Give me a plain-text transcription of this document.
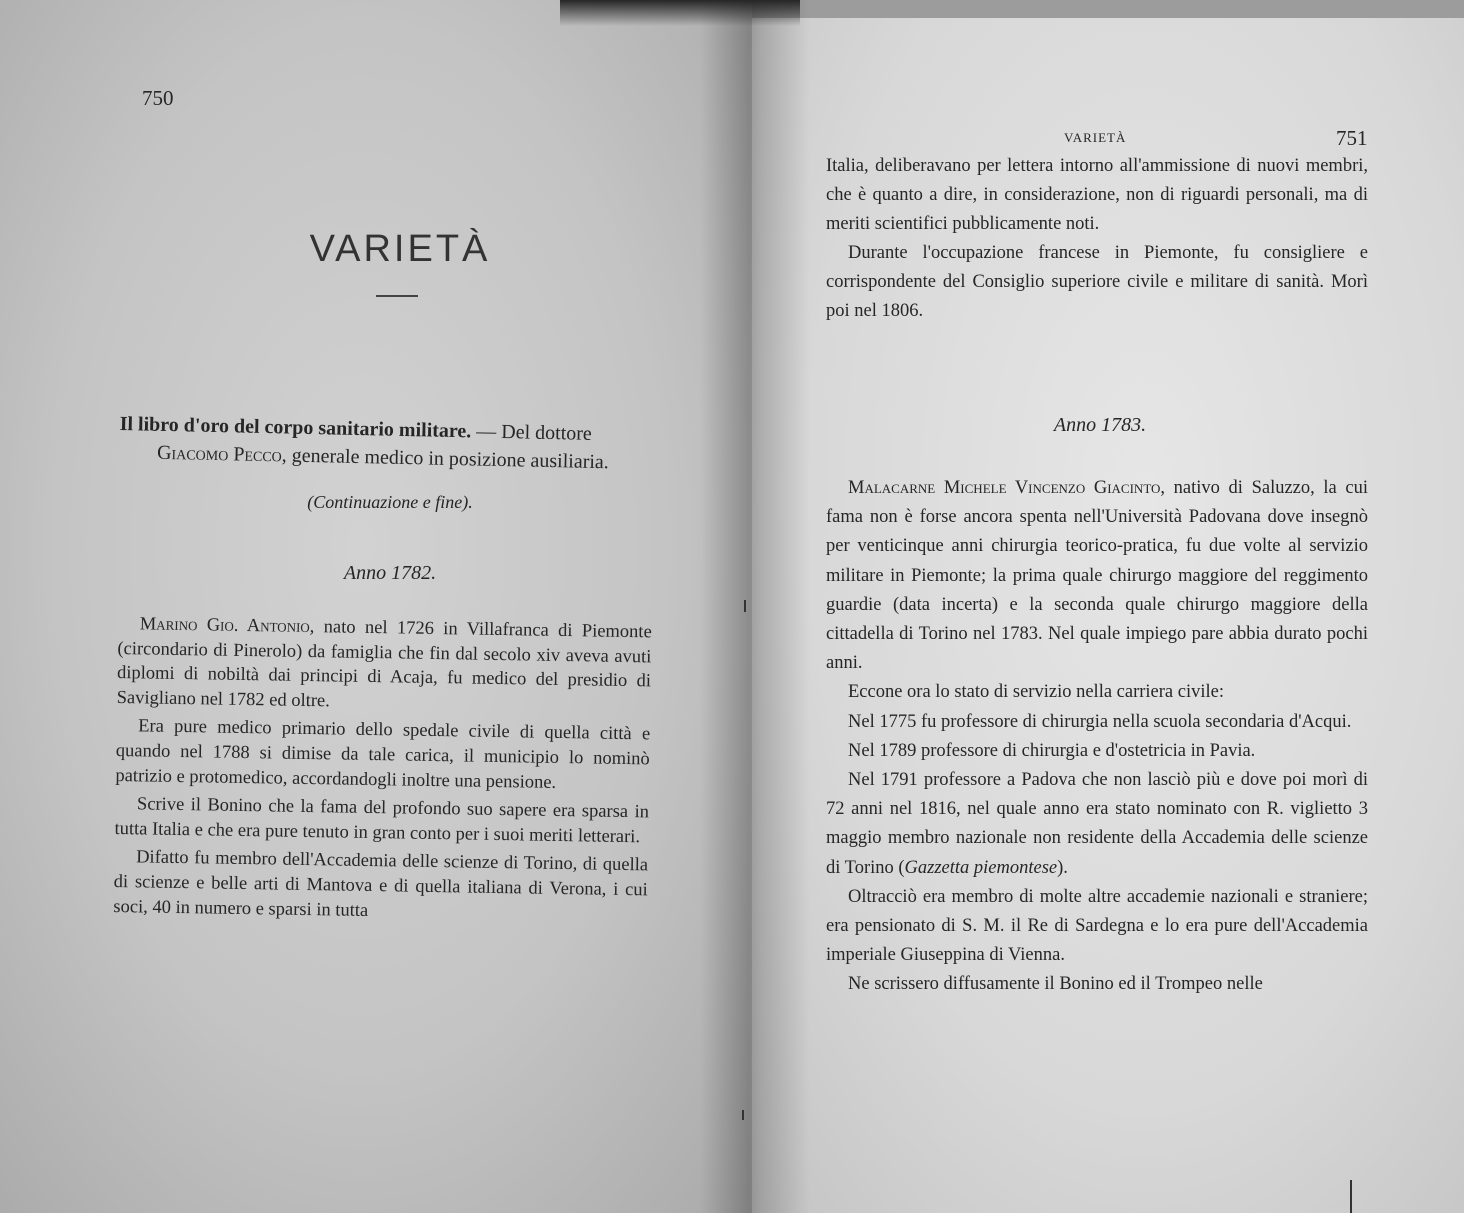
750
VARIETÀ
Il libro d'oro del corpo sanitario militare. — Del dottore
Giacomo Pecco, generale medico in posizione ausiliaria.
(Continuazione e fine).
Anno 1782.

Marino Gio. Antonio, nato nel 1726 in Villafranca di Piemonte (circondario di Pinerolo) da famiglia che fin dal secolo xiv aveva avuti diplomi di nobiltà dai principi di Acaja, fu medico del presidio di Savigliano nel 1782 ed oltre.

Era pure medico primario dello spedale civile di quella città e quando nel 1788 si dimise da tale carica, il municipio lo nominò patrizio e protomedico, accordandogli inoltre una pensione.

Scrive il Bonino che la fama del profondo suo sapere era sparsa in tutta Italia e che era pure tenuto in gran conto per i suoi meriti letterari.

Difatto fu membro dell'Accademia delle scienze di Torino, di quella di scienze e belle arti di Mantova e di quella italiana di Verona, i cui soci, 40 in numero e sparsi in tutta

VARIETÀ	751

Italia, deliberavano per lettera intorno all'ammissione di nuovi membri, che è quanto a dire, in considerazione, non di riguardi personali, ma di meriti scientifici pubblicamente noti.

Durante l'occupazione francese in Piemonte, fu consigliere e corrispondente del Consiglio superiore civile e militare di sanità. Morì poi nel 1806.

Anno 1783.

Malacarne Michele Vincenzo Giacinto, nativo di Saluzzo, la cui fama non è forse ancora spenta nell'Università Padovana dove insegnò per venticinque anni chirurgia teorico-pratica, fu due volte al servizio militare in Piemonte; la prima quale chirurgo maggiore del reggimento guardie (data incerta) e la seconda quale chirurgo maggiore della cittadella di Torino nel 1783. Nel quale impiego pare abbia durato pochi anni.

Eccone ora lo stato di servizio nella carriera civile:

Nel 1775 fu professore di chirurgia nella scuola secondaria d'Acqui.

Nel 1789 professore di chirurgia e d'ostetricia in Pavia.

Nel 1791 professore a Padova che non lasciò più e dove poi morì di 72 anni nel 1816, nel quale anno era stato nominato con R. viglietto 3 maggio membro nazionale non residente della Accademia delle scienze di Torino (Gazzetta piemontese).

Oltracciò era membro di molte altre accademie nazionali e straniere; era pensionato di S. M. il Re di Sardegna e lo era pure dell'Accademia imperiale Giuseppina di Vienna.

Ne scrissero diffusamente il Bonino ed il Trompeo nelle
